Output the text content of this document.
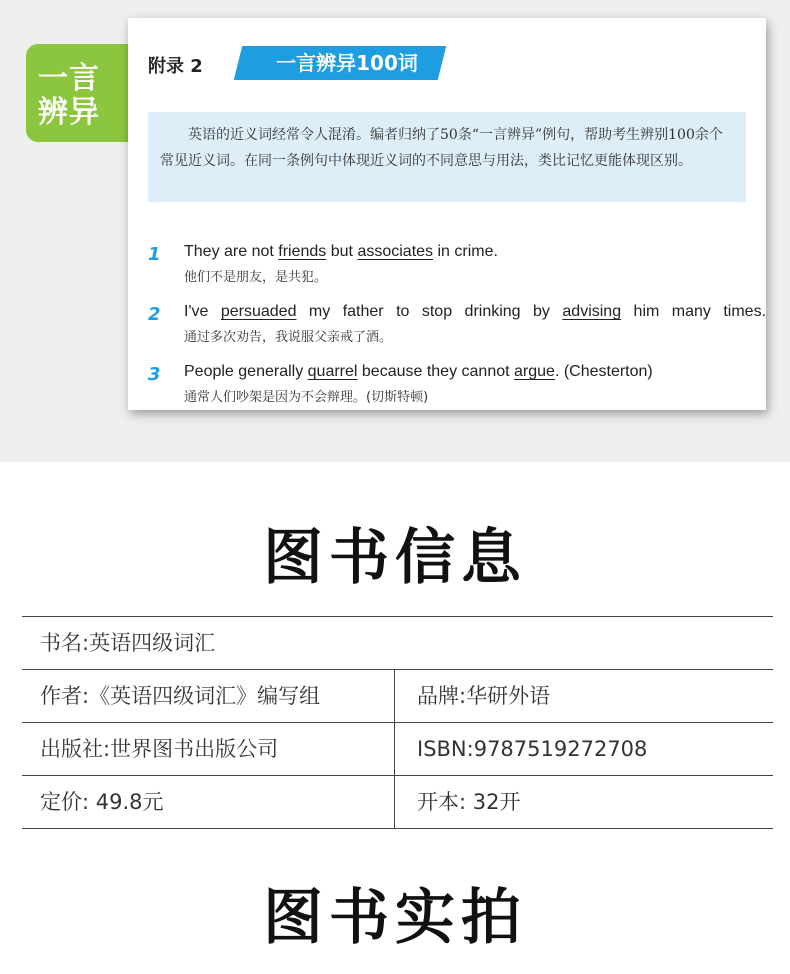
一言
辨异
附录 2	一言辨异100词
英语的近义词经常令人混淆。编者归纳了50条“一言辨异”例句，帮助考生辨别100余个常见近义词。在同一条例句中体现近义词的不同意思与用法，类比记忆更能体现区别。
1 They are not friends but associates in crime.
他们不是朋友，是共犯。
2 I've persuaded my father to stop drinking by advising him many times.
通过多次劝告，我说服父亲戒了酒。
3 People generally quarrel because they cannot argue. (Chesterton)
通常人们吵架是因为不会辩理。(切斯特顿)
图书信息
书名:英语四级词汇
作者:《英语四级词汇》编写组	品牌:华研外语
出版社:世界图书出版公司	ISBN:9787519272708
定价: 49.8元	开本: 32开
图书实拍
